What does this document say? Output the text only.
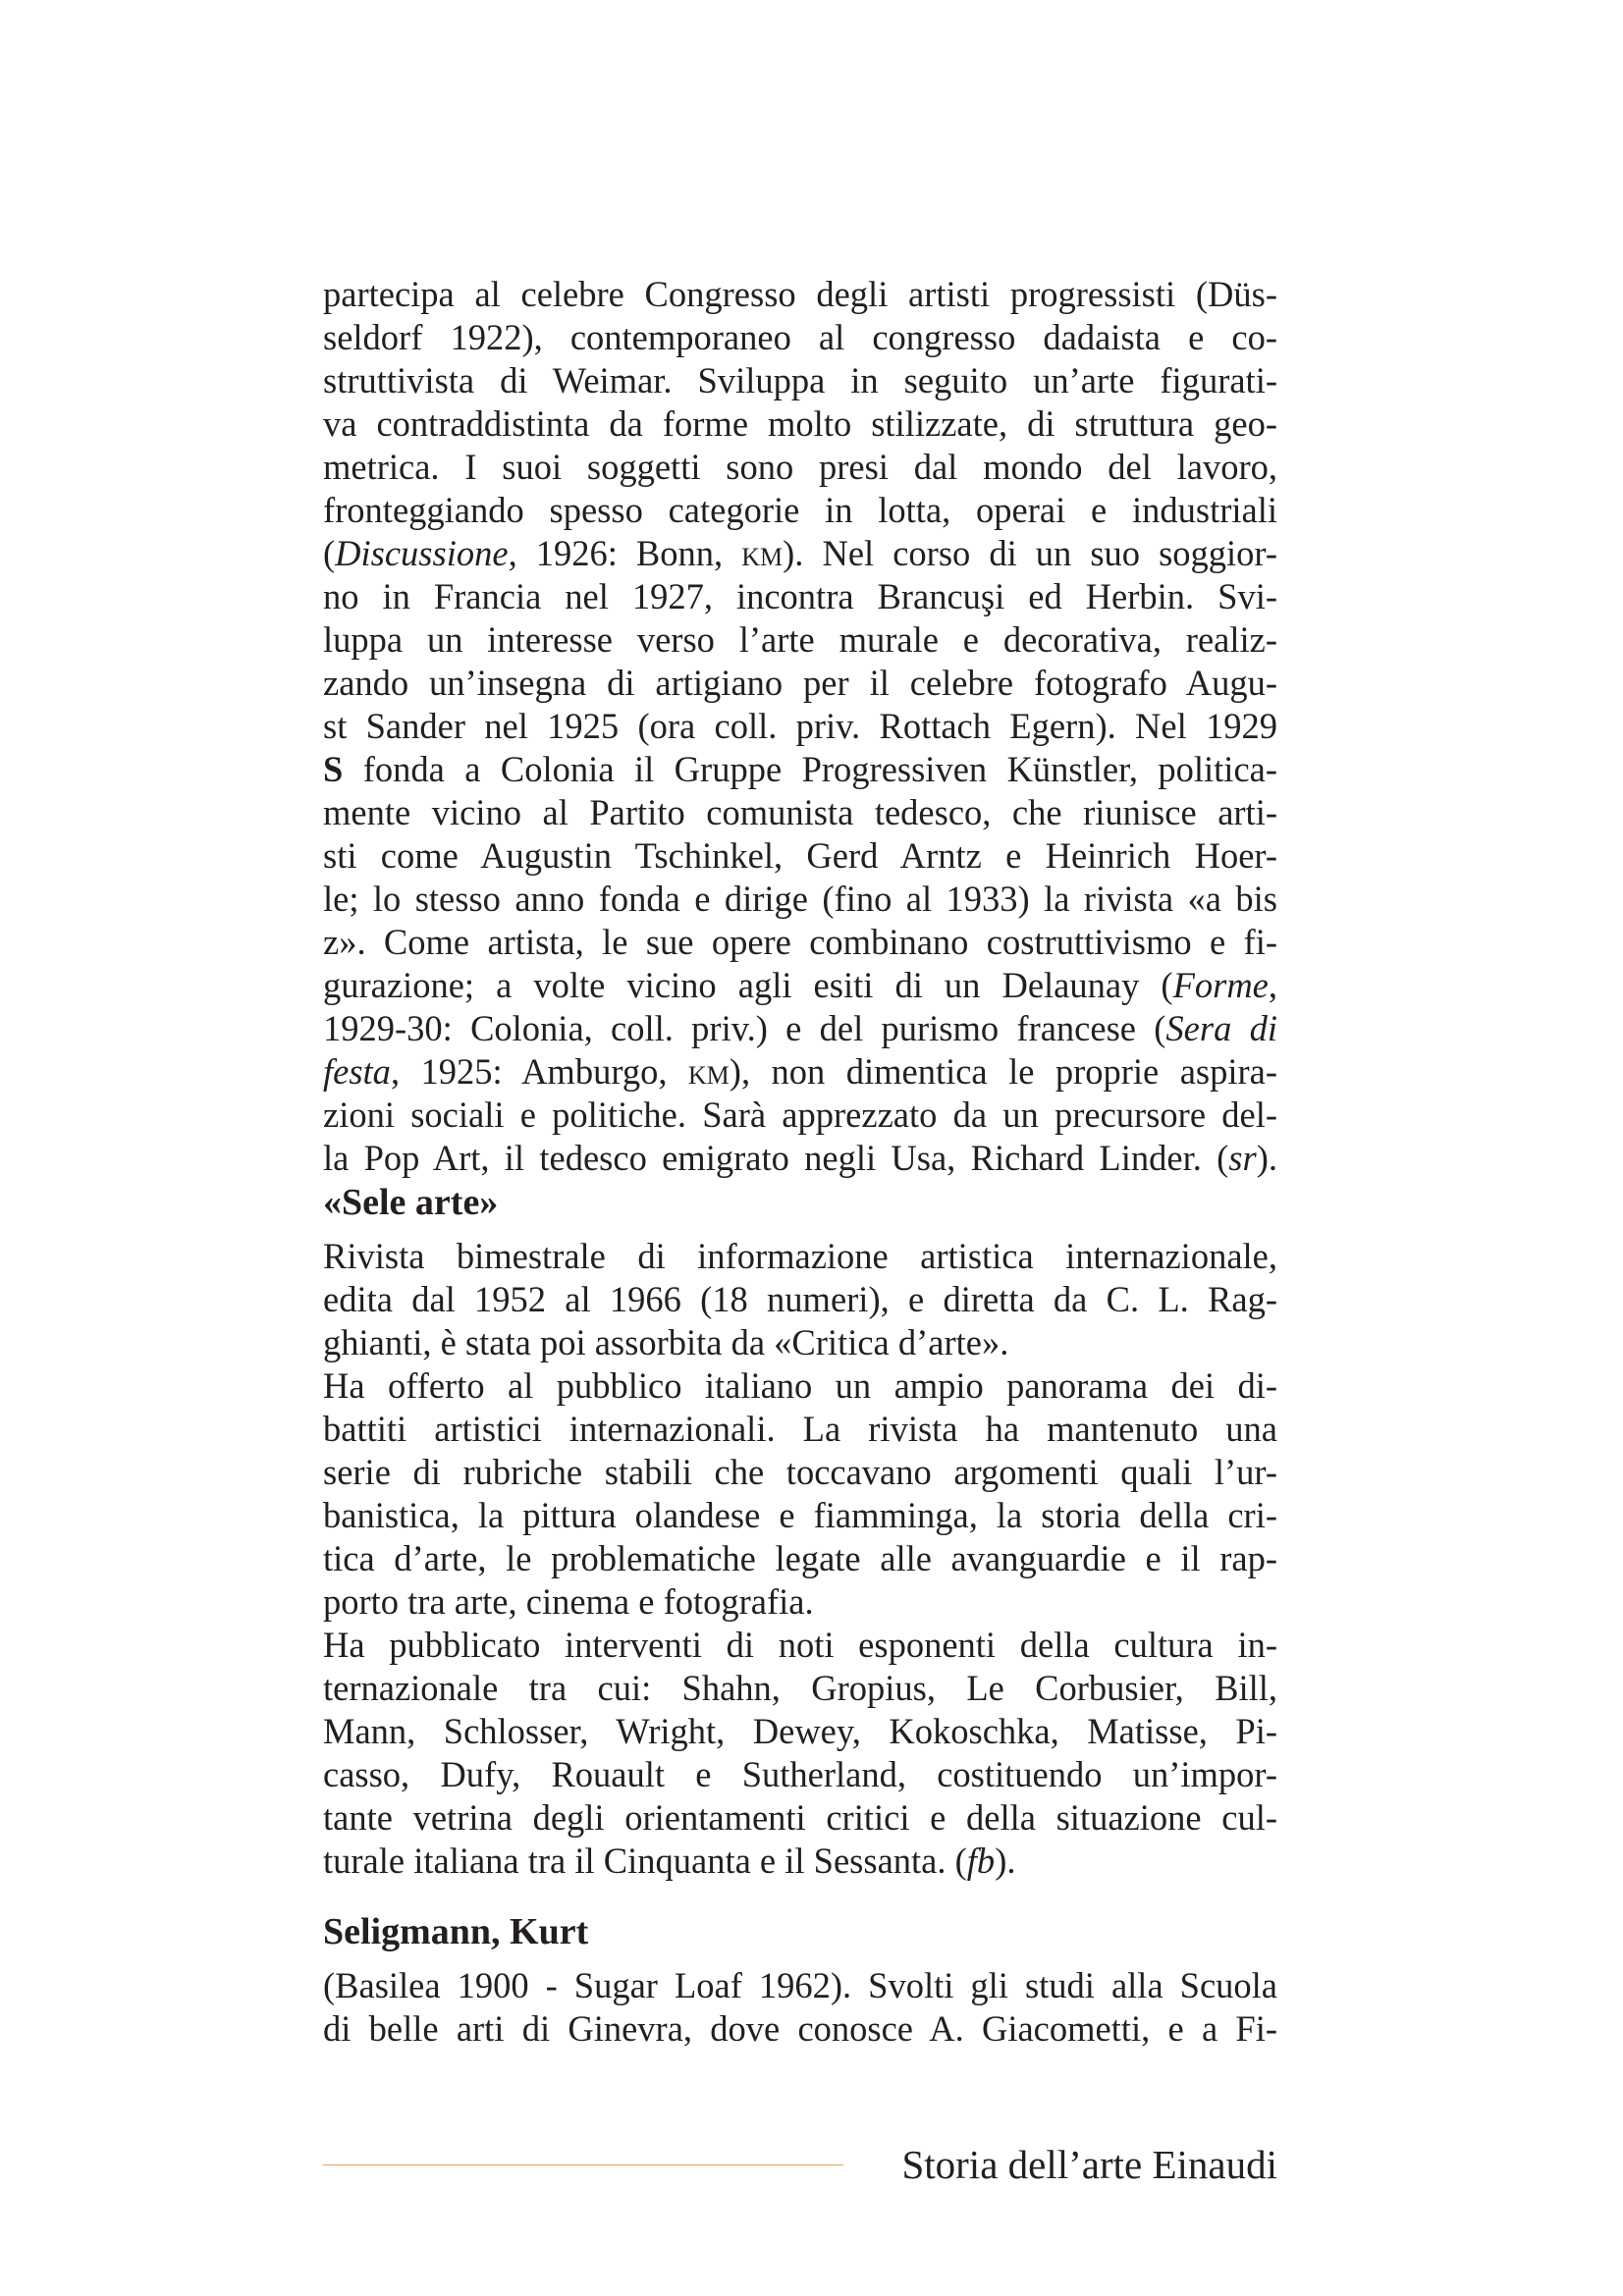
partecipa al celebre Congresso degli artisti progressisti (Düs-
seldorf 1922), contemporaneo al congresso dadaista e co-
struttivista di Weimar. Sviluppa in seguito un’arte figurati-
va contraddistinta da forme molto stilizzate, di struttura geo-
metrica. I suoi soggetti sono presi dal mondo del lavoro,
fronteggiando spesso categorie in lotta, operai e industriali
(Discussione, 1926: Bonn, km). Nel corso di un suo soggior-
no in Francia nel 1927, incontra Brancuşi ed Herbin. Svi-
luppa un interesse verso l’arte murale e decorativa, realiz-
zando un’insegna di artigiano per il celebre fotografo Augu-
st Sander nel 1925 (ora coll. priv. Rottach Egern). Nel 1929
S fonda a Colonia il Gruppe Progressiven Künstler, politica-
mente vicino al Partito comunista tedesco, che riunisce arti-
sti come Augustin Tschinkel, Gerd Arntz e Heinrich Hoer-
le; lo stesso anno fonda e dirige (fino al 1933) la rivista «a bis
z». Come artista, le sue opere combinano costruttivismo e fi-
gurazione; a volte vicino agli esiti di un Delaunay (Forme,
1929-30: Colonia, coll. priv.) e del purismo francese (Sera di
festa, 1925: Amburgo, km), non dimentica le proprie aspira-
zioni sociali e politiche. Sarà apprezzato da un precursore del-
la Pop Art, il tedesco emigrato negli Usa, Richard Linder. (sr).
«Sele arte»
Rivista bimestrale di informazione artistica internazionale,
edita dal 1952 al 1966 (18 numeri), e diretta da C. L. Rag-
ghianti, è stata poi assorbita da «Critica d’arte».
Ha offerto al pubblico italiano un ampio panorama dei di-
battiti artistici internazionali. La rivista ha mantenuto una
serie di rubriche stabili che toccavano argomenti quali l’ur-
banistica, la pittura olandese e fiamminga, la storia della cri-
tica d’arte, le problematiche legate alle avanguardie e il rap-
porto tra arte, cinema e fotografia.
Ha pubblicato interventi di noti esponenti della cultura in-
ternazionale tra cui: Shahn, Gropius, Le Corbusier, Bill,
Mann, Schlosser, Wright, Dewey, Kokoschka, Matisse, Pi-
casso, Dufy, Rouault e Sutherland, costituendo un’impor-
tante vetrina degli orientamenti critici e della situazione cul-
turale italiana tra il Cinquanta e il Sessanta. (fb).
Seligmann, Kurt
(Basilea 1900 - Sugar Loaf 1962). Svolti gli studi alla Scuola
di belle arti di Ginevra, dove conosce A. Giacometti, e a Fi-
Storia dell’arte Einaudi
